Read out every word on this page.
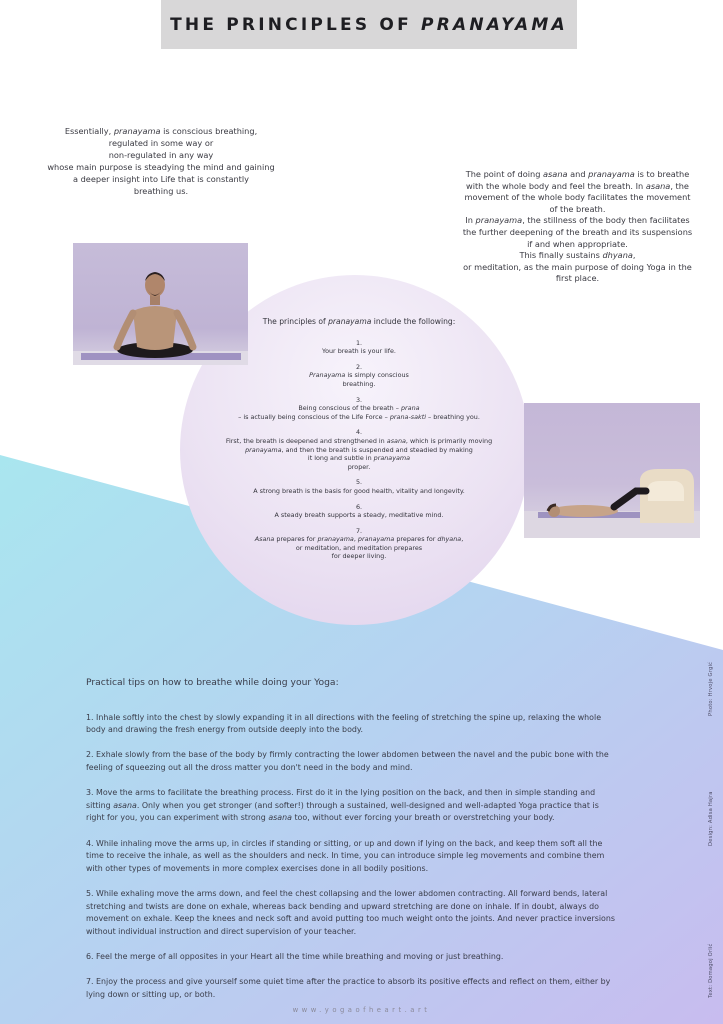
THE PRINCIPLES OF PRANAYAMA

Essentially, pranayama is conscious breathing,

regulated in some way or

non-regulated in any way

whose main purpose is steadying the mind and gaining

a deeper insight into Life that is constantly

breathing us.

The point of doing asana and pranayama is to breathe

with the whole body and feel the breath. In asana, the

movement of the whole body facilitates the movement

of the breath.

In pranayama, the stillness of the body then facilitates

the further deepening of the breath and its suspensions

if and when appropriate.

This finally sustains dhyana,

or meditation, as the main purpose of doing Yoga in the

first place.

The principles of pranayama include the following:
1.
Your breath is your life.
2.
Pranayama is simply conscious
breathing.
3.
Being conscious of the breath – prana
– is actually being conscious of the Life Force – prana-sakti – breathing you.
4.
First, the breath is deepened and strengthened in asana, which is primarily moving
pranayama, and then the breath is suspended and steadied by making
it long and subtle in pranayama
proper.
5.
A strong breath is the basis for good health, vitality and longevity.
6.
A steady breath supports a steady, meditative mind.
7.
Asana prepares for pranayama, pranayama prepares for dhyana,
or meditation, and meditation prepares
for deeper living.
Practical tips on how to breathe while doing your Yoga:
1. Inhale softly into the chest by slowly expanding it in all directions with the feeling of stretching the spine up, relaxing the whole
body and drawing the fresh energy from outside deeply into the body.
2. Exhale slowly from the base of the body by firmly contracting the lower abdomen between the navel and the pubic bone with the
feeling of squeezing out all the dross matter you don't need in the body and mind.
3. Move the arms to facilitate the breathing process. First do it in the lying position on the back, and then in simple standing and
sitting asana. Only when you get stronger (and softer!) through a sustained, well-designed and well-adapted Yoga practice that is
right for you, you can experiment with strong asana too, without ever forcing your breath or overstretching your body.
4. While inhaling move the arms up, in circles if standing or sitting, or up and down if lying on the back, and keep them soft all the
time to receive the inhale, as well as the shoulders and neck. In time, you can introduce simple leg movements and combine them
with other types of movements in more complex exercises done in all bodily positions.
5. While exhaling move the arms down, and feel the chest collapsing and the lower abdomen contracting. All forward bends, lateral
stretching and twists are done on exhale, whereas back bending and upward stretching are done on inhale. If in doubt, always do
movement on exhale. Keep the knees and neck soft and avoid putting too much weight onto the joints. And never practice inversions
without individual instruction and direct supervision of your teacher.
6. Feel the merge of all opposites in your Heart all the time while breathing and moving or just breathing.
7. Enjoy the process and give yourself some quiet time after the practice to absorb its positive effects and reflect on them, either by
lying down or sitting up, or both.
Photo: Hrvoje Grgić
Design: Adisa Hajra
Text: Domagoj Orlić
www.yogaofheart.art
